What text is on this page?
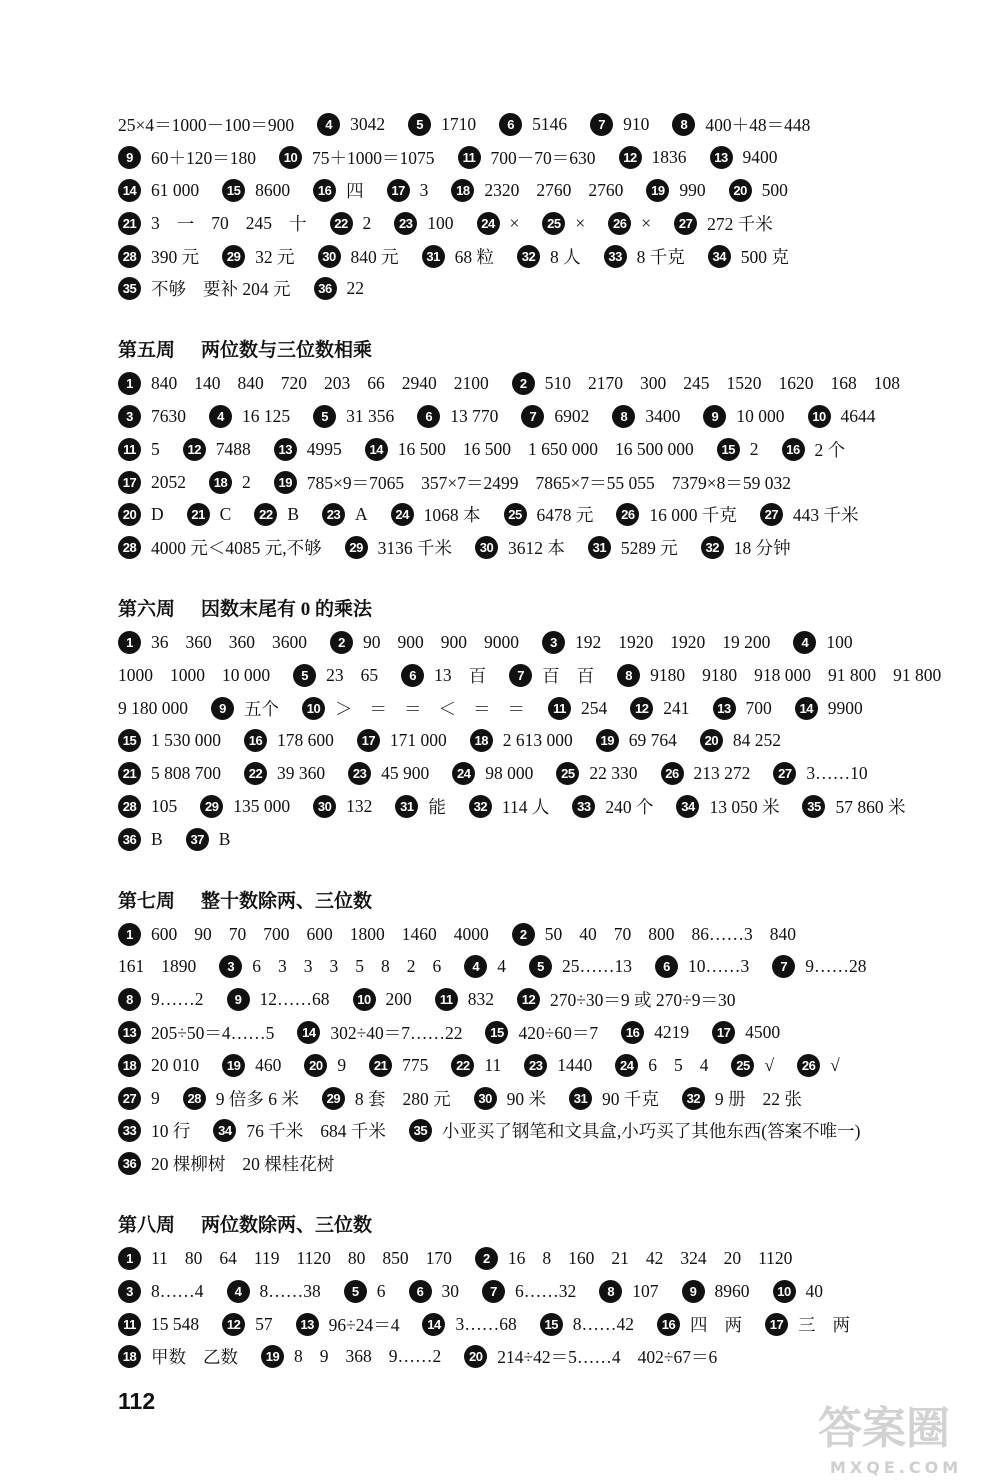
25×4＝1000－100＝900	4	3042	5	1710	6	5146	7	910	8	400＋48＝448
9	60＋120＝180	10 75＋1000＝1075	11 700－70＝630	12 1836	13 9400
14 61 000	15 8600	16 四	17 3	18 2320 2760 2760	19 990	20 500
21 3 一 70 245 十	22 2	23 100	24 ×	25 ×	26 ×	27 272 千米
28 390 元	29 32 元	30 840 元	31 68 粒	32 8 人	33 8 千克	34 500 克
35 不够 要补 204 元	36 22
第五周 两位数与三位数相乘
1	840 140 840 720 203 66 2940 2100	2	510 2170 300 245 1520 1620 168 108
3	7630	4	16 125	5	31 356	6	13 770	7	6902	8	3400	9	10 000	10 4644
11 5	12 7488	13 4995	14 16 500 16 500 1 650 000 16 500 000	15 2	16 2 个
17 2052	18 2	19 785×9＝7065 357×7＝2499 7865×7＝55 055 7379×8＝59 032
20 D	21 C	22 B	23 A	24 1068 本	25 6478 元	26 16 000 千克	27 443 千米
28 4000 元＜4085 元,不够	29 3136 千米	30 3612 本	31 5289 元	32 18 分钟
第六周 因数末尾有 0 的乘法
1	36 360 360 3600	2	90 900 900 9000	3	192 1920 1920 19 200	4	100
1000 1000 10 000	5	23 65	6	13 百	7	百 百	8	9180 9180 918 000 91 800 91 800
9 180 000	9	五个	10 ＞ ＝ ＝ ＜ ＝ ＝	11 254	12 241	13 700	14 9900
15 1 530 000	16 178 600	17 171 000	18 2 613 000	19 69 764	20 84 252
21 5 808 700	22 39 360	23 45 900	24 98 000	25 22 330	26 213 272	27 3……10
28 105	29 135 000	30 132	31 能	32 114 人	33 240 个	34 13 050 米	35 57 860 米
36 B	37 B
第七周 整十数除两、三位数
1	600 90 70 700 600 1800 1460 4000	2	50 40 70 800 86……3 840
161 1890	3	6 3 3 3 5 8 2 6	4	4	5	25……13	6	10……3	7	9……28
8	9……2	9	12……68	10 200	11 832	12 270÷30＝9 或 270÷9＝30
13 205÷50＝4……5	14 302÷40＝7……22	15 420÷60＝7	16 4219	17 4500
18 20 010	19 460	20 9	21 775	22 11	23 1440	24 6 5 4	25 √	26 √
27 9	28 9 倍多 6 米	29 8 套 280 元	30 90 米	31 90 千克	32 9 册 22 张
33 10 行	34 76 千米 684 千米	35 小亚买了钢笔和文具盒,小巧买了其他东西(答案不唯一)
36 20 棵柳树 20 棵桂花树
第八周 两位数除两、三位数
1	11 80 64 119 1120 80 850 170	2	16 8 160 21 42 324 20 1120
3	8……4	4	8……38	5	6	6	30	7	6……32	8	107	9	8960	10 40
11 15 548	12 57	13 96÷24＝4	14 3……68	15 8……42	16 四 两	17 三 两
18 甲数 乙数	19 8 9 368 9……2	20 214÷42＝5……4 402÷67＝6
112
答案圈
MXQE.COM
